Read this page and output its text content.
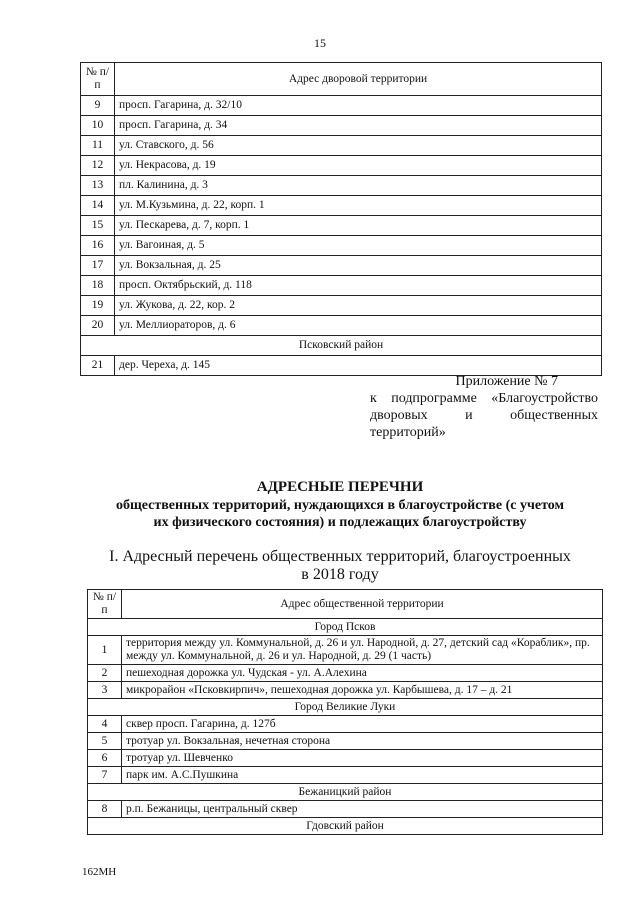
15
№ п/п	Адрес дворовой территории
9	просп. Гагарина, д. 32/10
10	просп. Гагарина, д. 34
11	ул. Ставского, д. 56
12	ул. Некрасова, д. 19
13	пл. Калинина, д. 3
14	ул. М.Кузьмина, д. 22, корп. 1
15	ул. Пескарева, д. 7, корп. 1
16	ул. Вагоиная, д. 5
17	ул. Вокзальная, д. 25
18	просп. Октябрьский, д. 118
19	ул. Жукова, д. 22, кор. 2
20	ул. Меллиораторов, д. 6
Псковский район	
21	дер. Череха, д. 145
Приложение № 7
к подпрограмме «Благоустройство
дворовых и общественных
территорий»
АДРЕСНЫЕ ПЕРЕЧНИ
общественных территорий, нуждающихся в благоустройстве (с учетом
их физического состояния) и подлежащих благоустройству
I. Адресный перечень общественных территорий, благоустроенных
в 2018 году
№ п/п	Адрес общественной территории
Город Псков	
1	территория между ул. Коммунальной, д. 26 и ул. Народной, д. 27, детский сад «Кораблик», пр. между ул. Коммунальной, д. 26 и ул. Народной, д. 29 (1 часть)
2	пешеходная дорожка ул. Чудская - ул. А.Алехина
3	микрорайон «Псковкирпич», пешеходная дорожка ул. Карбышева, д. 17 – д. 21
Город Великие Луки	
4	сквер просп. Гагарина, д. 127б
5	тротуар ул. Вокзальная, нечетная сторона
6	тротуар ул. Шевченко
7	парк им. А.С.Пушкина
Бежаницкий район	
8	р.п. Бежаницы, центральный сквер
Гдовский район	
162МН
